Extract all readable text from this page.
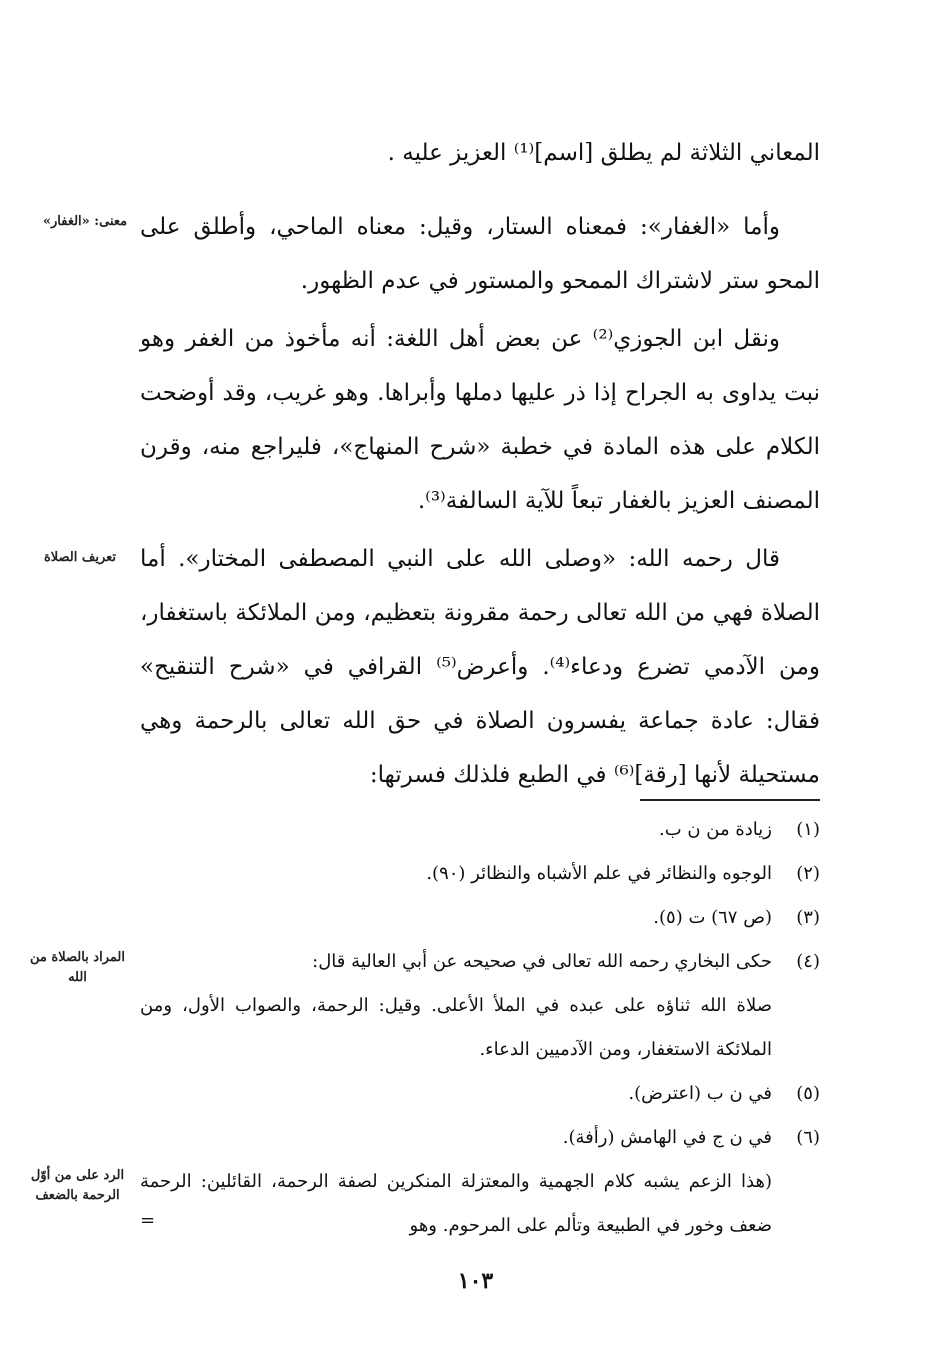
المعاني الثلاثة لم يطلق [اسم]⁽¹⁾ العزيز عليه .

وأما «الغفار»: فمعناه الستار، وقيل: معناه الماحي، وأطلق على المحو ستر لاشتراك الممحو والمستور في عدم الظهور.

ونقل ابن الجوزي⁽²⁾ عن بعض أهل اللغة: أنه مأخوذ من الغفر وهو نبت يداوى به الجراح إذا ذر عليها دملها وأبراها. وهو غريب، وقد أوضحت الكلام على هذه المادة في خطبة «شرح المنهاج»، فليراجع منه، وقرن المصنف العزيز بالغفار تبعاً للآية السالفة⁽³⁾.

قال رحمه الله: «وصلى الله على النبي المصطفى المختار». أما الصلاة فهي من الله تعالى رحمة مقرونة بتعظيم، ومن الملائكة باستغفار، ومن الآدمي تضرع ودعاء⁽⁴⁾. وأعرض⁽⁵⁾ القرافي في «شرح التنقيح» فقال: عادة جماعة يفسرون الصلاة في حق الله تعالى بالرحمة وهي مستحيلة لأنها [رقة]⁽⁶⁾ في الطبع فلذلك فسرتها:

معنى: «الغفار»
تعريف الصلاة
المراد بالصلاة من الله
الرد على من أوّل الرحمة بالضعف
(١)
زيادة من ن ب.
(٢)
الوجوه والنظائر في علم الأشباه والنظائر (٩٠).
(٣)
(ص ٦٧) ت (٥).
(٤)
حكى البخاري رحمه الله تعالى في صحيحه عن أبي العالية قال:
صلاة الله ثناؤه على عبده في الملأ الأعلى. وقيل: الرحمة، والصواب الأول، ومن الملائكة الاستغفار، ومن الآدميين الدعاء.
(٥)
في ن ب (اعترض).
(٦)
في ن ج في الهامش (رأفة).
(هذا الزعم يشبه كلام الجهمية والمعتزلة المنكرين لصفة الرحمة، القائلين: الرحمة ضعف وخور في الطبيعة وتألم على المرحوم. وهو
=
١٠٣
